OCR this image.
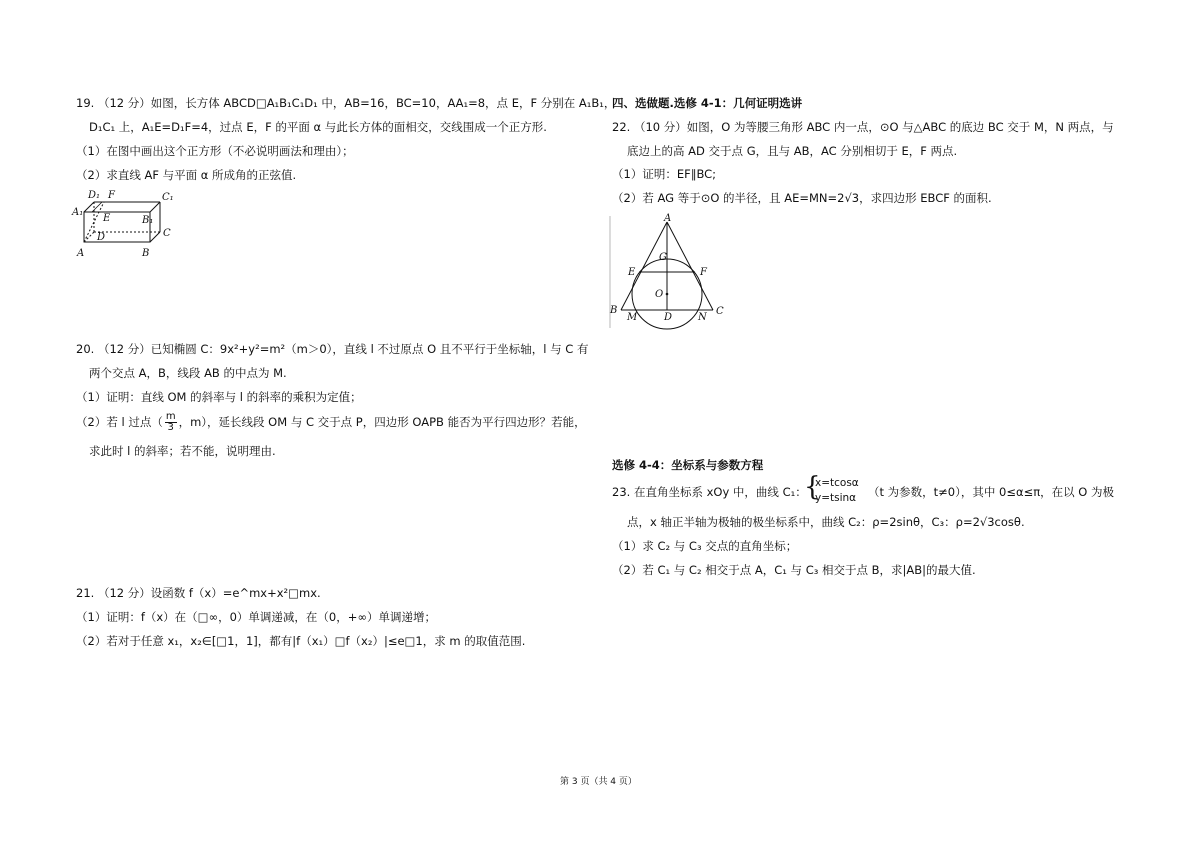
19. （12 分）如图，长方体 ABCD□A₁B₁C₁D₁ 中，AB=16，BC=10，AA₁=8，点 E，F 分别在 A₁B₁，
D₁C₁ 上，A₁E=D₁F=4，过点 E，F 的平面 α 与此长方体的面相交，交线围成一个正方形.
（1）在图中画出这个正方形（不必说明画法和理由）；
（2）求直线 AF 与平面 α 所成角的正弦值.
D₁ F	C₁
A₁
E	B₁
D	C
A	B
20. （12 分）已知椭圆 C：9x²+y²=m²（m＞0），直线 l 不过原点 O 且不平行于坐标轴，l 与 C 有
两个交点 A，B，线段 AB 的中点为 M.
（1）证明：直线 OM 的斜率与 l 的斜率的乘积为定值；
（2）若 l 过点（ $\frac{m}{3}$ ，m），延长线段 OM 与 C 交于点 P，四边形 OAPB 能否为平行四边形？若能，
求此时 l 的斜率；若不能，说明理由.
21. （12 分）设函数 f（x）=e^mx+x²□mx.
（1）证明：f（x）在（□∞，0）单调递减，在（0，+∞）单调递增；
（2）若对于任意 x₁，x₂∈[□1，1]，都有|f（x₁）□f（x₂）|≤e□1，求 m 的取值范围.
四、选做题.选修 4-1：几何证明选讲
22. （10 分）如图，O 为等腰三角形 ABC 内一点，⊙O 与△ABC 的底边 BC 交于 M，N 两点，与
底边上的高 AD 交于点 G，且与 AB，AC 分别相切于 E，F 两点.
（1）证明：EF∥BC;
（2）若 AG 等于⊙O 的半径，且 AE=MN=2√3，求四边形 EBCF 的面积.
A
G
E	F
O
B
M	D	N
C
选修 4-4：坐标系与参数方程
23. 在直角坐标系 xOy 中，曲线 C₁：
{
x=tcosα
y=tsinα （t 为参数，t≠0），其中 0≤α≤π，在以 O 为极
点，x 轴正半轴为极轴的极坐标系中，曲线 C₂：ρ=2sinθ，C₃：ρ=2√3cosθ.
（1）求 C₂ 与 C₃ 交点的直角坐标；
（2）若 C₁ 与 C₂ 相交于点 A，C₁ 与 C₃ 相交于点 B，求|AB|的最大值.
第 3 页（共 4 页）
